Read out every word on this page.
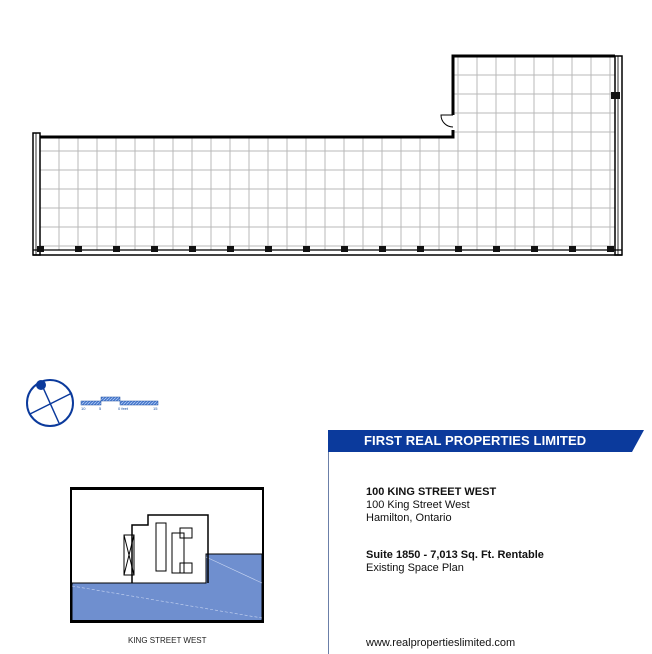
10	5	0 feet	15
FIRST REAL PROPERTIES LIMITED
100 KING STREET WEST
100 King Street West
Hamilton, Ontario
Suite 1850 - 7,013 Sq. Ft. Rentable
Existing Space Plan
KING STREET WEST	www.realpropertieslimited.com
